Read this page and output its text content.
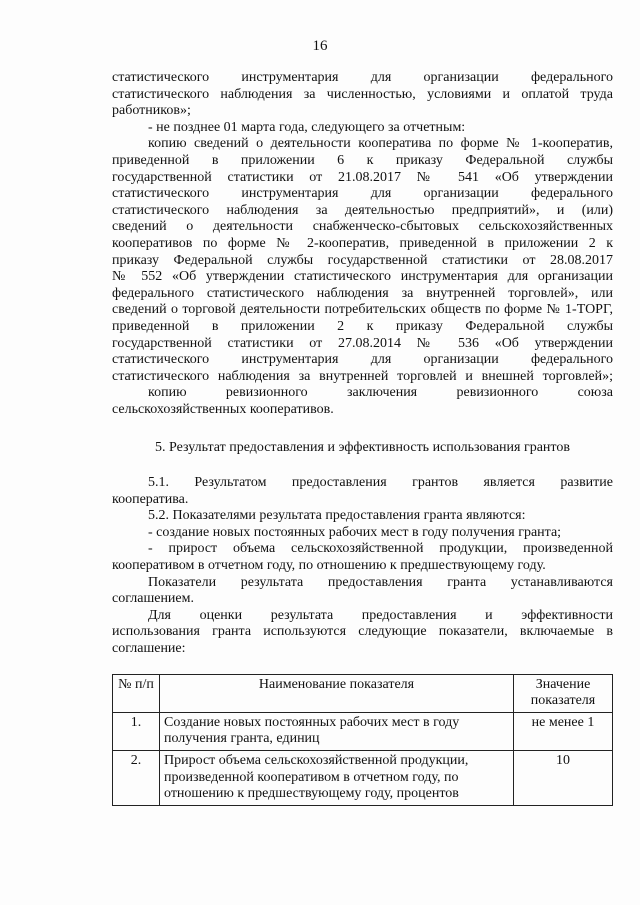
16

статистического инструментария для организации федерального

статистического наблюдения за численностью, условиями и оплатой труда

работников»;

- не позднее 01 марта года, следующего за отчетным:

копию сведений о деятельности кооператива по форме № 1-кооператив,

приведенной в приложении 6 к приказу Федеральной службы

государственной статистики от 21.08.2017 № 541 «Об утверждении

статистического инструментария для организации федерального

статистического наблюдения за деятельностью предприятий», и (или)

сведений о деятельности снабженческо-сбытовых сельскохозяйственных

кооперативов по форме № 2-кооператив, приведенной в приложении 2 к

приказу Федеральной службы государственной статистики от 28.08.2017

№ 552 «Об утверждении статистического инструментария для организации

федерального статистического наблюдения за внутренней торговлей», или

сведений о торговой деятельности потребительских обществ по форме № 1-ТОРГ,

приведенной в приложении 2 к приказу Федеральной службы

государственной статистики от 27.08.2014 № 536 «Об утверждении

статистического инструментария для организации федерального

статистического наблюдения за внутренней торговлей и внешней торговлей»;

копию ревизионного заключения ревизионного союза

сельскохозяйственных кооперативов.

5. Результат предоставления и эффективность использования грантов

5.1. Результатом предоставления грантов является развитие

кооператива.

5.2. Показателями результата предоставления гранта являются:

- создание новых постоянных рабочих мест в году получения гранта;

- прирост объема сельскохозяйственной продукции, произведенной

кооперативом в отчетном году, по отношению к предшествующему году.

Показатели результата предоставления гранта устанавливаются

соглашением.

Для оценки результата предоставления и эффективности

использования гранта используются следующие показатели, включаемые в

соглашение:

№ п/п	Наименование показателя	Значение показателя
1.	Создание новых постоянных рабочих мест в году получения гранта, единиц	не менее 1
2.	Прирост объема сельскохозяйственной продукции, произведенной кооперативом в отчетном году, по отношению к предшествующему году, процентов	10
